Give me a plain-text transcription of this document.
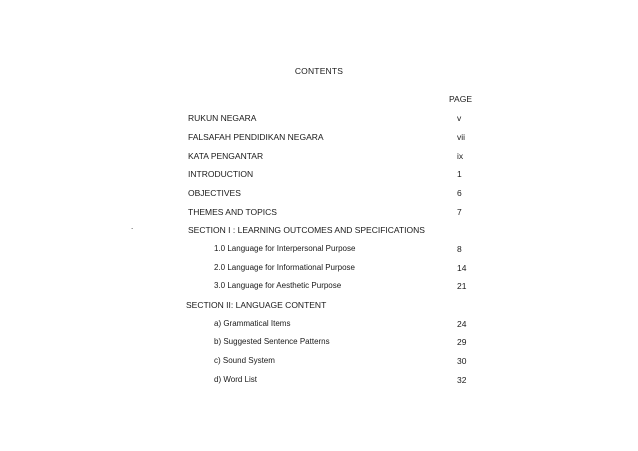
CONTENTS
PAGE
.
RUKUN NEGARA	v
FALSAFAH PENDIDIKAN NEGARA	vii
KATA PENGANTAR	ix
INTRODUCTION	1
OBJECTIVES	6
THEMES AND TOPICS	7
SECTION I : LEARNING OUTCOMES AND SPECIFICATIONS
1.0 Language for Interpersonal Purpose	8
2.0 Language for Informational Purpose	14
3.0 Language for Aesthetic Purpose	21
SECTION II: LANGUAGE CONTENT
a) Grammatical Items	24
b) Suggested Sentence Patterns	29
c) Sound System	30
d) Word List	32
